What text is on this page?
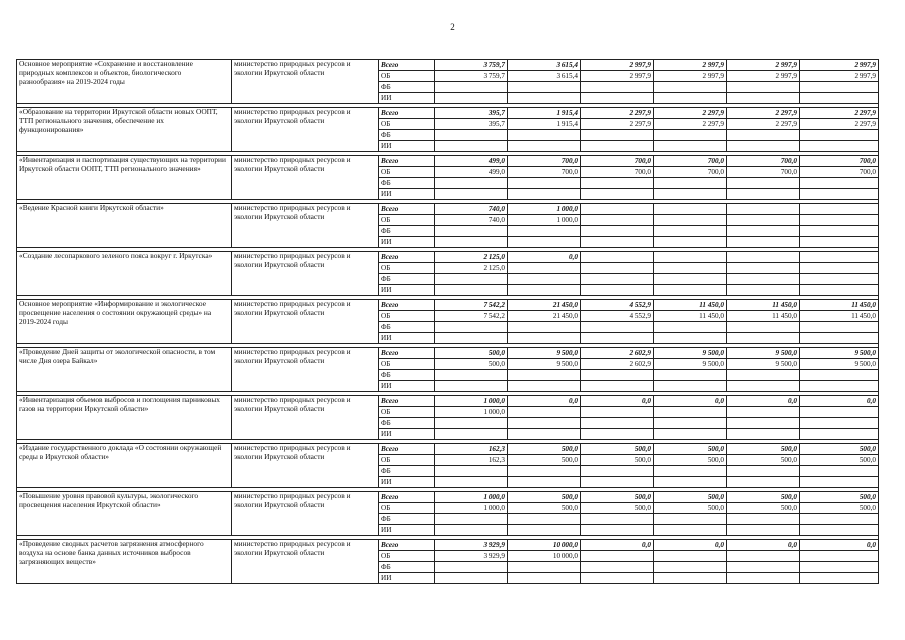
2
Основное мероприятие «Сохранение и восстановление природных комплексов и объектов, биологического разнообразия» на 2019-2024 годы	министерство природных ресурсов и экологии Иркутской области	Всего	3 759,7	3 615,4	2 997,9	2 997,9	2 997,9	2 997,9
		ОБ	3 759,7	3 615,4	2 997,9	2 997,9	2 997,9	2 997,9
		ФБ						
		ИИ						

«Образование на территории Иркутской области новых ООПТ, ТТП регионального значения, обеспечение их функционирования»	министерство природных ресурсов и экологии Иркутской области	Всего	395,7	1 915,4	2 297,9	2 297,9	2 297,9	2 297,9
		ОБ	395,7	1 915,4	2 297,9	2 297,9	2 297,9	2 297,9
		ФБ						
		ИИ						

«Инвентаризация и паспортизация существующих на территории Иркутской области ООПТ, ТТП регионального значения»	министерство природных ресурсов и экологии Иркутской области	Всего	499,0	700,0	700,0	700,0	700,0	700,0
		ОБ	499,0	700,0	700,0	700,0	700,0	700,0
		ФБ						
		ИИ						

«Ведение Красной книги Иркутской области»	министерство природных ресурсов и экологии Иркутской области	Всего	740,0	1 000,0				
		ОБ	740,0	1 000,0				
		ФБ						
		ИИ						

«Создание лесопаркового зеленого пояса вокруг г. Иркутска»	министерство природных ресурсов и экологии Иркутской области	Всего	2 125,0	0,0				
		ОБ	2 125,0					
		ФБ						
		ИИ						

Основное мероприятие «Информирование и экологическое просвещение населения о состоянии окружающей среды» на 2019-2024 годы	министерство природных ресурсов и экологии Иркутской области	Всего	7 542,2	21 450,0	4 552,9	11 450,0	11 450,0	11 450,0
		ОБ	7 542,2	21 450,0	4 552,9	11 450,0	11 450,0	11 450,0
		ФБ						
		ИИ						

«Проведение Дней защиты от экологической опасности, в том числе Дня озера Байкал»	министерство природных ресурсов и экологии Иркутской области	Всего	500,0	9 500,0	2 602,9	9 500,0	9 500,0	9 500,0
		ОБ	500,0	9 500,0	2 602,9	9 500,0	9 500,0	9 500,0
		ФБ						
		ИИ						

«Инвентаризация объемов выбросов и поглощения парниковых газов на территории Иркутской области»	министерство природных ресурсов и экологии Иркутской области	Всего	1 000,0	0,0	0,0	0,0	0,0	0,0
		ОБ	1 000,0					
		ФБ						
		ИИ						

«Издание государственного доклада «О состоянии окружающей среды в Иркутской области»	министерство природных ресурсов и экологии Иркутской области	Всего	162,3	500,0	500,0	500,0	500,0	500,0
		ОБ	162,3	500,0	500,0	500,0	500,0	500,0
		ФБ						
		ИИ						

«Повышение уровня правовой культуры, экологического просвещения населения Иркутской области»	министерство природных ресурсов и экологии Иркутской области	Всего	1 000,0	500,0	500,0	500,0	500,0	500,0
		ОБ	1 000,0	500,0	500,0	500,0	500,0	500,0
		ФБ						
		ИИ						

«Проведение сводных расчетов загрязнения атмосферного воздуха на основе банка данных источников выбросов загрязняющих веществ»	министерство природных ресурсов и экологии Иркутской области	Всего	3 929,9	10 000,0	0,0	0,0	0,0	0,0
		ОБ	3 929,9	10 000,0				
		ФБ						
		ИИ						
